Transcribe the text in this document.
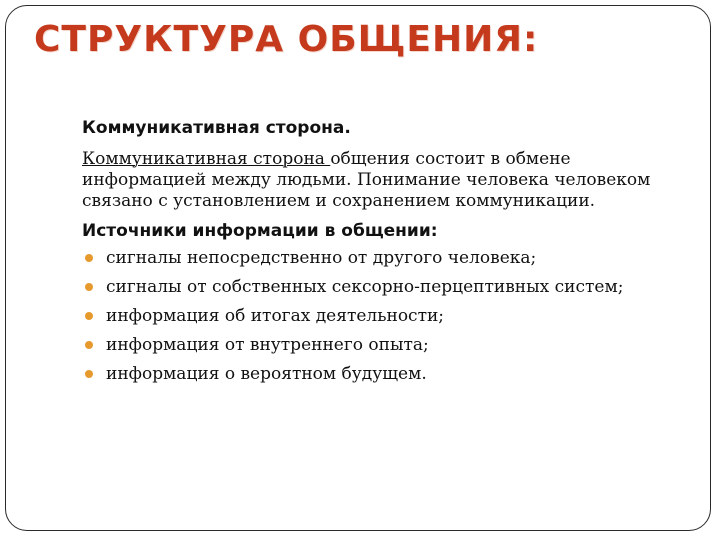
СТРУКТУРА ОБЩЕНИЯ:
Коммуникативная сторона.

Коммуникативная сторона общения состоит в обмене информацией между людьми. Понимание человека человеком связано с установлением и сохранением коммуникации.

Источники информации в общении:
сигналы непосредственно от другого человека;
сигналы от собственных сексорно-перцептивных систем;
информация об итогах деятельности;
информация от внутреннего опыта;
информация о вероятном будущем.
